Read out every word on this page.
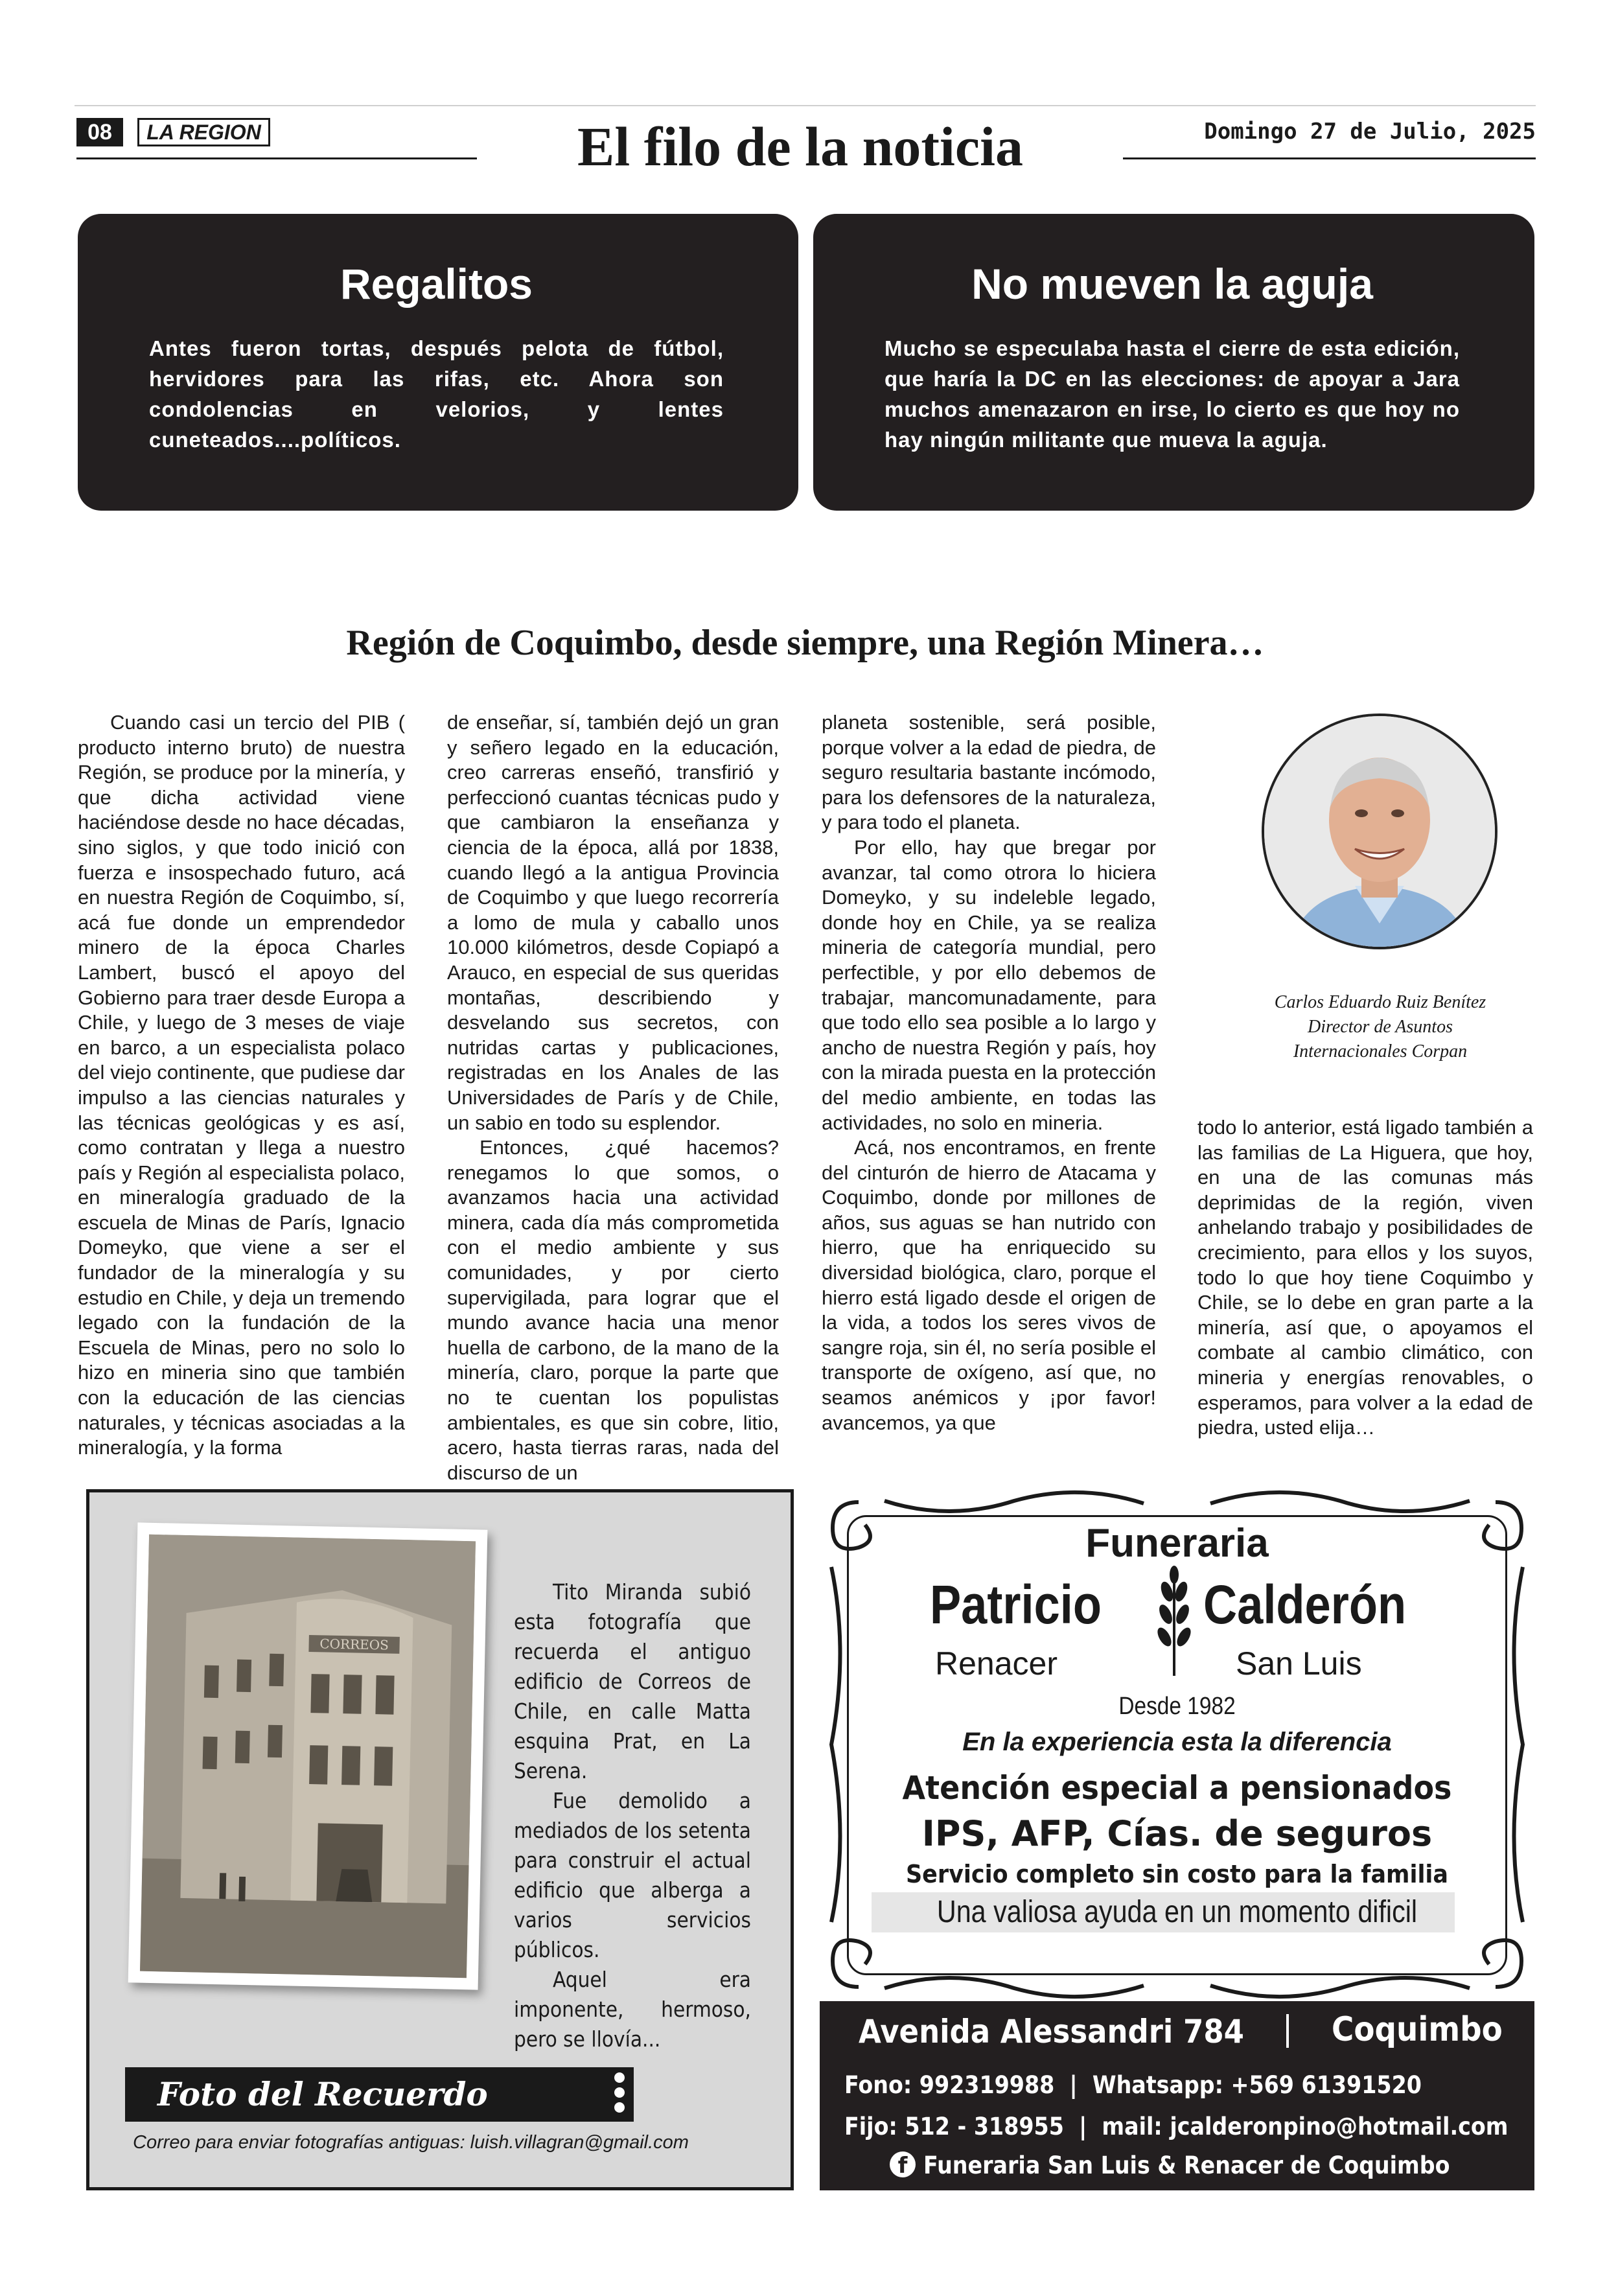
08	LA REGION	El filo de la noticia	Domingo 27 de Julio, 2025
Regalitos

Antes fueron tortas, después pelota de fútbol, hervidores para las rifas, etc. Ahora son condolencias en velorios, y lentes cuneteados....políticos.

No mueven la aguja

Mucho se especulaba hasta el cierre de esta edición, que haría la DC en las elecciones: de apoyar a Jara muchos amenazaron en irse, lo cierto es que hoy no hay ningún militante que mueva la aguja.

Región de Coquimbo, desde siempre, una Región Minera…

Cuando casi un tercio del PIB ( producto interno bruto) de nuestra Región, se produce por la minería, y que dicha actividad viene haciéndose desde no hace décadas, sino siglos, y que todo inició con fuerza e insospechado futuro, acá en nuestra Región de Coquimbo, sí, acá fue donde un emprendedor minero de la época Charles Lambert, buscó el apoyo del Gobierno para traer desde Europa a Chile, y luego de 3 meses de viaje en barco, a un especialista polaco del viejo continente, que pudiese dar impulso a las ciencias naturales y las técnicas geológicas y es así, como contratan y llega a nuestro país y Región al especialista polaco, en mineralogía graduado de la escuela de Minas de París, Ignacio Domeyko, que viene a ser el fundador de la mineralogía y su estudio en Chile, y deja un tremendo legado con la fundación de la Escuela de Minas, pero no solo lo hizo en mineria sino que también con la educación de las ciencias naturales, y técnicas asociadas a la mineralogía, y la forma

de enseñar, sí, también dejó un gran y señero legado en la educación, creo carreras enseñó, transfirió y perfeccionó cuantas técnicas pudo y que cambiaron la enseñanza y ciencia de la época, allá por 1838, cuando llegó a la antigua Provincia de Coquimbo y que luego recorrería a lomo de mula y caballo unos 10.000 kilómetros, desde Copiapó a Arauco, en especial de sus queridas montañas, describiendo y desvelando sus secretos, con nutridas cartas y publicaciones, registradas en los Anales de las Universidades de París y de Chile, un sabio en todo su esplendor.

Entonces, ¿qué hacemos? renegamos lo que somos, o avanzamos hacia una actividad minera, cada día más comprometida con el medio ambiente y sus comunidades, y por cierto supervigilada, para lograr que el mundo avance hacia una menor huella de carbono, de la mano de la minería, claro, porque la parte que no te cuentan los populistas ambientales, es que sin cobre, litio, acero, hasta tierras raras, nada del discurso de un

planeta sostenible, será posible, porque volver a la edad de piedra, de seguro resultaria bastante incómodo, para los defensores de la naturaleza, y para todo el planeta.

Por ello, hay que bregar por avanzar, tal como otrora lo hiciera Domeyko, y su indeleble legado, donde hoy en Chile, ya se realiza mineria de categoría mundial, pero perfectible, y por ello debemos de trabajar, mancomunadamente, para que todo ello sea posible a lo largo y ancho de nuestra Región y país, hoy con la mirada puesta en la protección del medio ambiente, en todas las actividades, no solo en mineria.

Acá, nos encontramos, en frente del cinturón de hierro de Atacama y Coquimbo, donde por millones de años, sus aguas se han nutrido con hierro, que ha enriquecido su diversidad biológica, claro, porque el hierro está ligado desde el origen de la vida, a todos los seres vivos de sangre roja, sin él, no sería posible el transporte de oxígeno, así que, no seamos anémicos y ¡por favor! avancemos, ya que

Carlos Eduardo Ruiz Benítez
Director de Asuntos
Internacionales Corpan

todo lo anterior, está ligado también a las familias de La Higuera, que hoy, en una de las comunas más deprimidas de la región, viven anhelando trabajo y posibilidades de crecimiento, para ellos y los suyos, todo lo que hoy tiene Coquimbo y Chile, se lo debe en gran parte a la minería, así que, o apoyamos el combate al cambio climático, con mineria y energías renovables, o esperamos, para volver a la edad de piedra, usted elija…

CORREOS

Tito Miranda subió esta fotografía que recuerda el antiguo edificio de Correos de Chile, en calle Matta esquina Prat, en La Serena.

Fue demolido a mediados de los setenta para construir el actual edificio que alberga a varios servicios públicos.

Aquel era imponente, hermoso, pero se llovía...

Foto del Recuerdo
Correo para enviar fotografías antiguas: luish.villagran@gmail.com
Funeraria
Patricio Calderón
Renacer	San Luis
Desde 1982
En la experiencia esta la diferencia
Atención especial a pensionados
IPS, AFP, Cías. de seguros
Servicio completo sin costo para la familia
Una valiosa ayuda en un momento dificil
Avenida Alessandri 784	Coquimbo
Fono: 992319988  |  Whatsapp: +569 61391520
Fijo: 512 - 318955  |  mail: jcalderonpino@hotmail.com
f Funeraria San Luis & Renacer de Coquimbo
